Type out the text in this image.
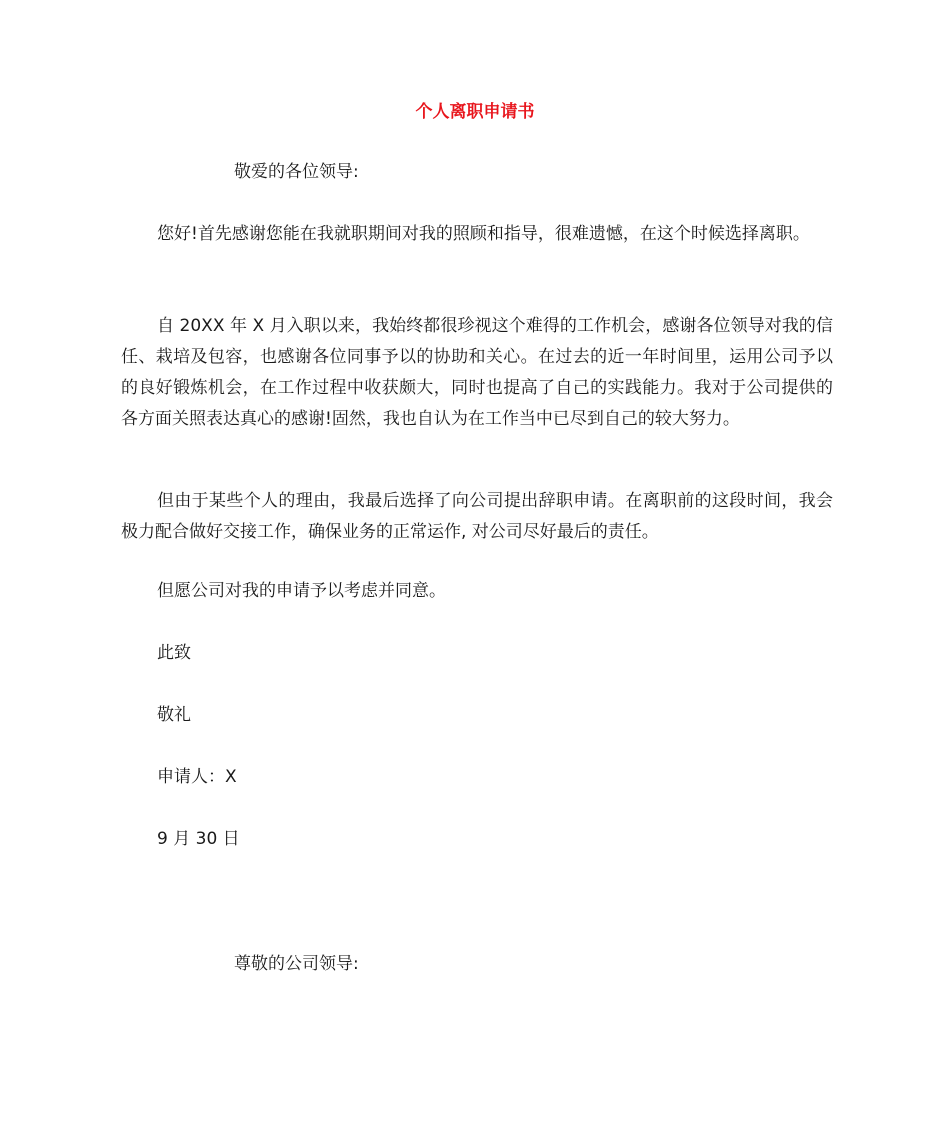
个人离职申请书
敬爱的各位领导:
您好!首先感谢您能在我就职期间对我的照顾和指导，很难遗憾，在这个时候选择离职。
自 20XX 年 X 月入职以来，我始终都很珍视这个难得的工作机会，感谢各位领导对我的信任、栽培及包容，也感谢各位同事予以的协助和关心。在过去的近一年时间里，运用公司予以的良好锻炼机会，在工作过程中收获颇大，同时也提高了自己的实践能力。我对于公司提供的各方面关照表达真心的感谢!固然，我也自认为在工作当中已尽到自己的较大努力。
但由于某些个人的理由，我最后选择了向公司提出辞职申请。在离职前的这段时间，我会极力配合做好交接工作，确保业务的正常运作, 对公司尽好最后的责任。
但愿公司对我的申请予以考虑并同意。
此致
敬礼
申请人：X
9 月 30 日
尊敬的公司领导:
